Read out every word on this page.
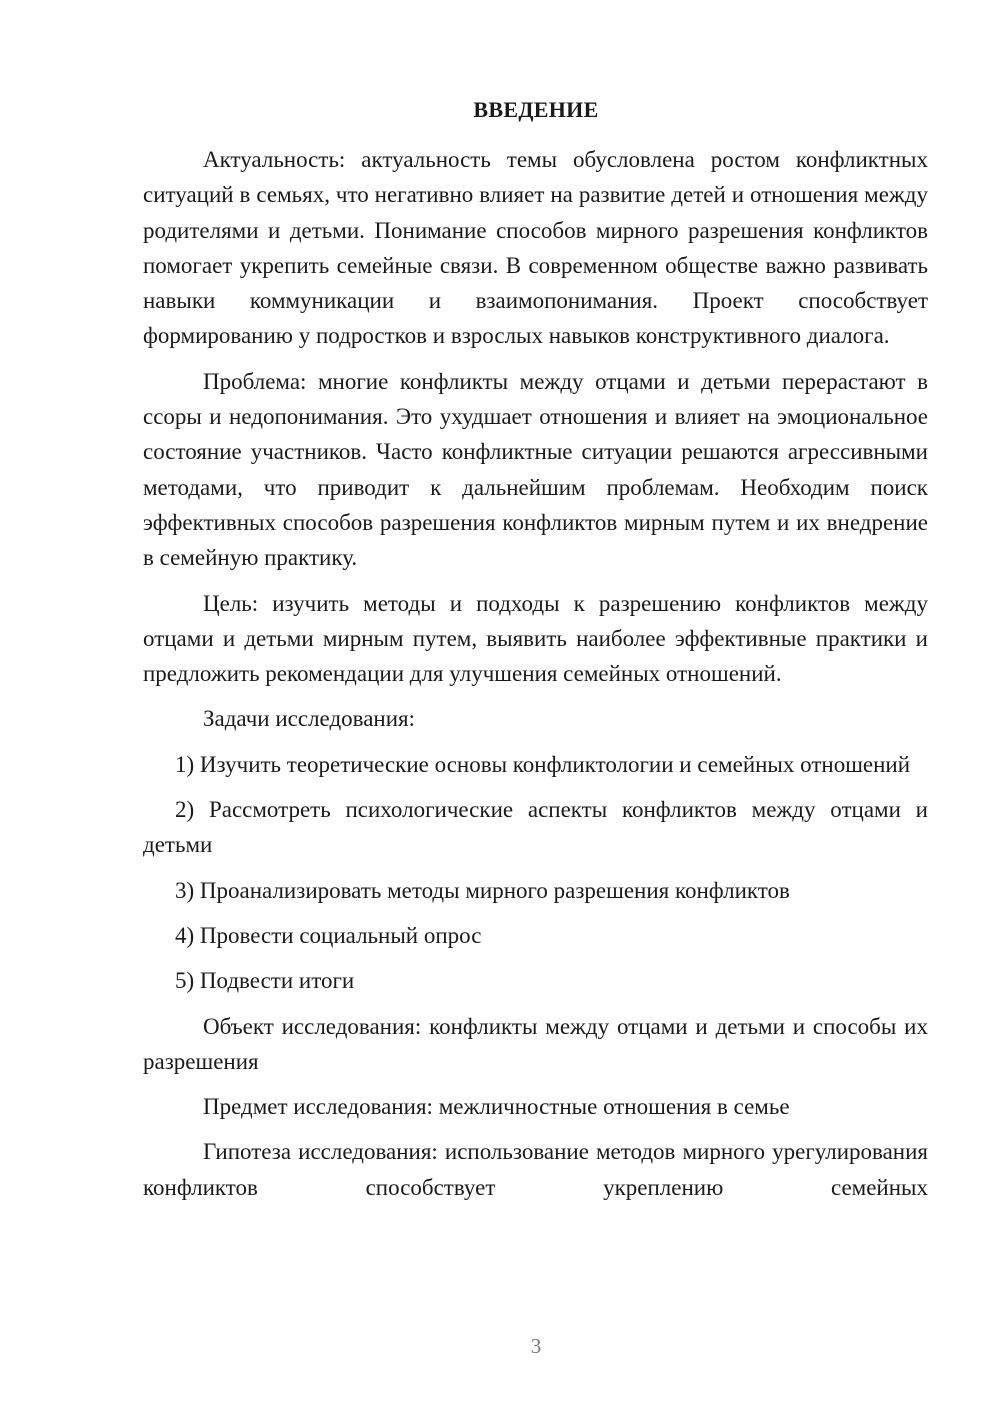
ВВЕДЕНИЕ

Актуальность: актуальность темы обусловлена ростом конфликтных ситуаций в семьях, что негативно влияет на развитие детей и отношения между родителями и детьми. Понимание способов мирного разрешения конфликтов помогает укрепить семейные связи. В современном обществе важно развивать навыки коммуникации и взаимопонимания. Проект способствует формированию у подростков и взрослых навыков конструктивного диалога.

Проблема: многие конфликты между отцами и детьми перерастают в ссоры и недопонимания. Это ухудшает отношения и влияет на эмоциональное состояние участников. Часто конфликтные ситуации решаются агрессивными методами, что приводит к дальнейшим проблемам. Необходим поиск эффективных способов разрешения конфликтов мирным путем и их внедрение в семейную практику.

Цель: изучить методы и подходы к разрешению конфликтов между отцами и детьми мирным путем, выявить наиболее эффективные практики и предложить рекомендации для улучшения семейных отношений.

Задачи исследования:

1) Изучить теоретические основы конфликтологии и семейных отношений

2) Рассмотреть психологические аспекты конфликтов между отцами и детьми

3) Проанализировать методы мирного разрешения конфликтов

4) Провести социальный опрос

5) Подвести итоги

Объект исследования: конфликты между отцами и детьми и способы их разрешения

Предмет исследования: межличностные отношения в семье

Гипотеза исследования: использование методов мирного урегулирования конфликтов способствует укреплению семейных

3
